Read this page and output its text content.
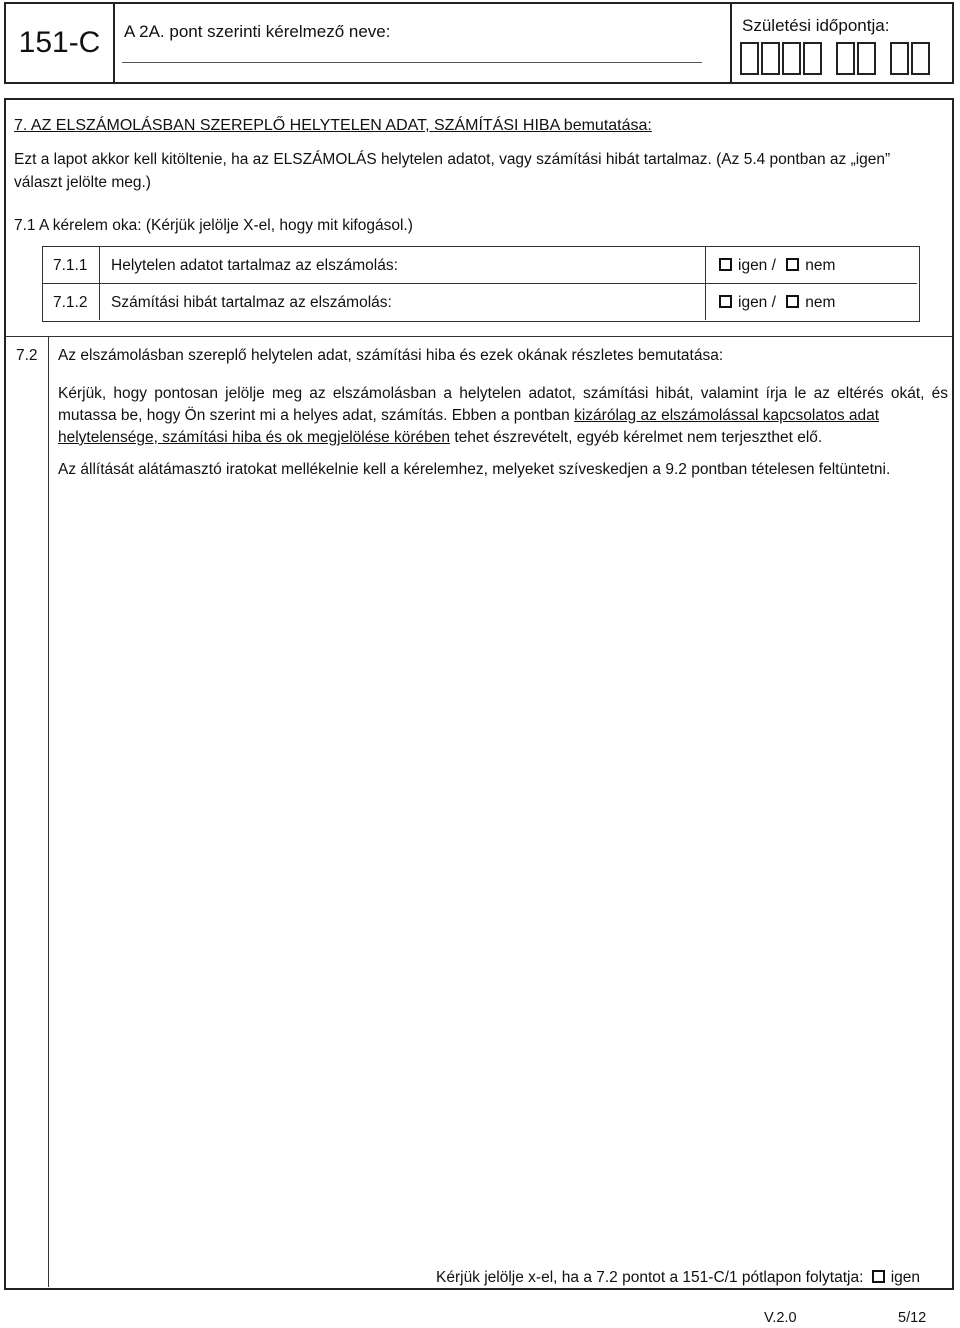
151-C	A 2A. pont szerinti kérelmező neve:	Születési időpontja:
7. AZ ELSZÁMOLÁSBAN SZEREPLŐ HELYTELEN ADAT, SZÁMÍTÁSI HIBA bemutatása:
Ezt a lapot akkor kell kitöltenie, ha az ELSZÁMOLÁS helytelen adatot, vagy számítási hibát tartalmaz. (Az 5.4 pontban az „igen”
választ jelölte meg.)
7.1 A kérelem oka: (Kérjük jelölje X-el, hogy mit kifogásol.)
7.1.1 Helytelen adatot tartalmaz az elszámolás:	igen / nem
7.1.2 Számítási hibát tartalmaz az elszámolás:	igen / nem
7.2 Az elszámolásban szereplő helytelen adat, számítási hiba és ezek okának részletes bemutatása:
Kérjük, hogy pontosan jelölje meg az elszámolásban a helytelen adatot, számítási hibát, valamint írja le az eltérés okát, és
mutassa be, hogy Ön szerint mi a helyes adat, számítás. Ebben a pontban kizárólag az elszámolással kapcsolatos adat
helytelensége, számítási hiba és ok megjelölése körében tehet észrevételt, egyéb kérelmet nem terjeszthet elő.
Az állítását alátámasztó iratokat mellékelnie kell a kérelemhez, melyeket szíveskedjen a 9.2 pontban tételesen feltüntetni.
Kérjük jelölje x-el, ha a 7.2 pontot a 151-C/1 pótlapon folytatja: igen
V.2.0	5/12
